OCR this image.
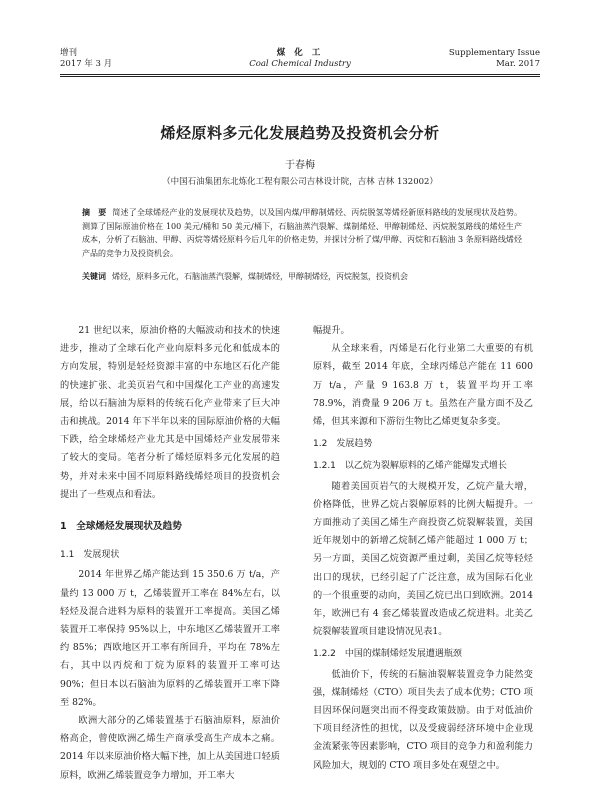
增刊
2017 年 3 月
煤 化 工
Coal Chemical Industry
Supplementary Issue
Mar. 2017
烯烃原料多元化发展趋势及投资机会分析
于春梅
（中国石油集团东北炼化工程有限公司吉林设计院，吉林 吉林 132002）
摘　要 简述了全球烯烃产业的发展现状及趋势，以及国内煤/甲醇制烯烃、丙烷脱氢等烯烃新原料路线的发展现状及趋势。测算了国际原油价格在 100 美元/桶和 50 美元/桶下，石脑油蒸汽裂解、煤制烯烃、甲醇制烯烃、丙烷脱氢路线的烯烃生产成本，分析了石脑油、甲醇、丙烷等烯烃原料今后几年的价格走势，并探讨分析了煤/甲醇、丙烷和石脑油 3 条原料路线烯烃产品的竞争力及投资机会。
关键词 烯烃，原料多元化，石脑油蒸汽裂解，煤制烯烃，甲醇制烯烃，丙烷脱氢，投资机会

21 世纪以来，原油价格的大幅波动和技术的快速进步，推动了全球石化产业向原料多元化和低成本的方向发展，特别是轻烃资源丰富的中东地区石化产能的快速扩张、北美页岩气和中国煤化工产业的高速发展，给以石脑油为原料的传统石化产业带来了巨大冲击和挑战。2014 年下半年以来的国际原油价格的大幅下跌，给全球烯烃产业尤其是中国烯烃产业发展带来了较大的变局。笔者分析了烯烃原料多元化发展的趋势，并对未来中国不同原料路线烯烃项目的投资机会提出了一些观点和看法。

1　全球烯烃发展现状及趋势
1.1　发展现状

2014 年世界乙烯产能达到 15 350.6 万 t/a，产量约 13 000 万 t，乙烯装置开工率在 84%左右，以轻烃及混合进料为原料的装置开工率提高。美国乙烯装置开工率保持 95%以上，中东地区乙烯装置开工率约 85%；西欧地区开工率有所回升，平均在 78%左右，其中以丙烷和丁烷为原料的装置开工率可达 90%；但日本以石脑油为原料的乙烯装置开工率下降至 82%。

欧洲大部分的乙烯装置基于石脑油原料，原油价格高企，曾使欧洲乙烯生产商承受高生产成本之痛。2014 年以来原油价格大幅下挫，加上从美国进口轻质原料，欧洲乙烯装置竞争力增加，开工率大

幅提升。

从全球来看，丙烯是石化行业第二大重要的有机原料，截至 2014 年底，全球丙烯总产能在 11 600 万 t/a，产量 9 163.8 万 t，装置平均开工率 78.9%，消费量 9 206 万 t。虽然在产量方面不及乙烯，但其来源和下游衍生物比乙烯更复杂多变。

1.2　发展趋势
1.2.1　以乙烷为裂解原料的乙烯产能爆发式增长

随着美国页岩气的大规模开发，乙烷产量大增，价格降低，世界乙烷占裂解原料的比例大幅提升。一方面推动了美国乙烯生产商投资乙烷裂解装置，美国近年规划中的新增乙烷制乙烯产能超过 1 000 万 t；另一方面，美国乙烷资源严重过剩，美国乙烷等轻烃出口的现状，已经引起了广泛注意，成为国际石化业的一个很重要的动向，美国乙烷已出口到欧洲。2014 年，欧洲已有 4 套乙烯装置改造成乙烷进料。北美乙烷裂解装置项目建设情况见表1。

1.2.2　中国的煤制烯烃发展遭遇瓶颈

低油价下，传统的石脑油裂解装置竞争力陡然变强，煤制烯烃（CTO）项目失去了成本优势；CTO 项目因环保问题突出而不得变政策鼓励。由于对低油价下项目经济性的担忧，以及受疲弱经济环境中企业现金流紧张等因素影响，CTO 项目的竞争力和盈利能力风险加大，规划的 CTO 项目多处在观望之中。
